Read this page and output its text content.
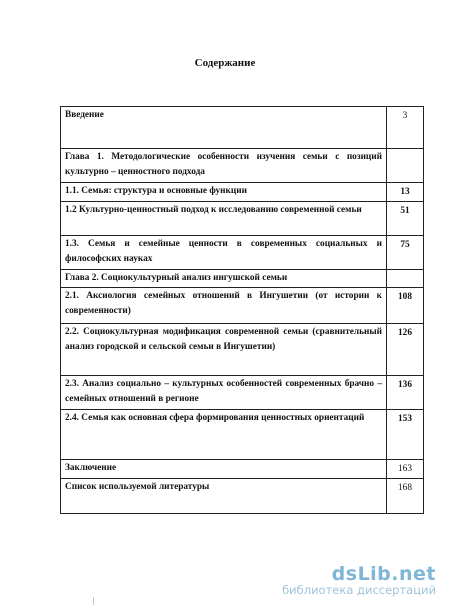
Содержание
Введение	3
Глава 1. Методологические особенности изучения семьи с позиций культурно – ценностного подхода	
1.1. Семья: структура и основные функции	13
1.2 Культурно-ценностный подход к исследованию современной семьи	51
1.3. Семья и семейные ценности в современных социальных и философских науках	75
Глава 2. Социокультурный анализ ингушской семьи	
2.1. Аксиология семейных отношений в Ингушетии (от истории к современности)	108
2.2. Социокультурная модификация современной семьи (сравнительный анализ городской и сельской семьи в Ингушетии)	126
2.3. Анализ социально – культурных особенностей современных брачно – семейных отношений в регионе	136
2.4. Семья как основная сфера формирования ценностных ориентаций	153
Заключение	163
Список используемой литературы	168
dsLib.net
библиотека диссертаций
